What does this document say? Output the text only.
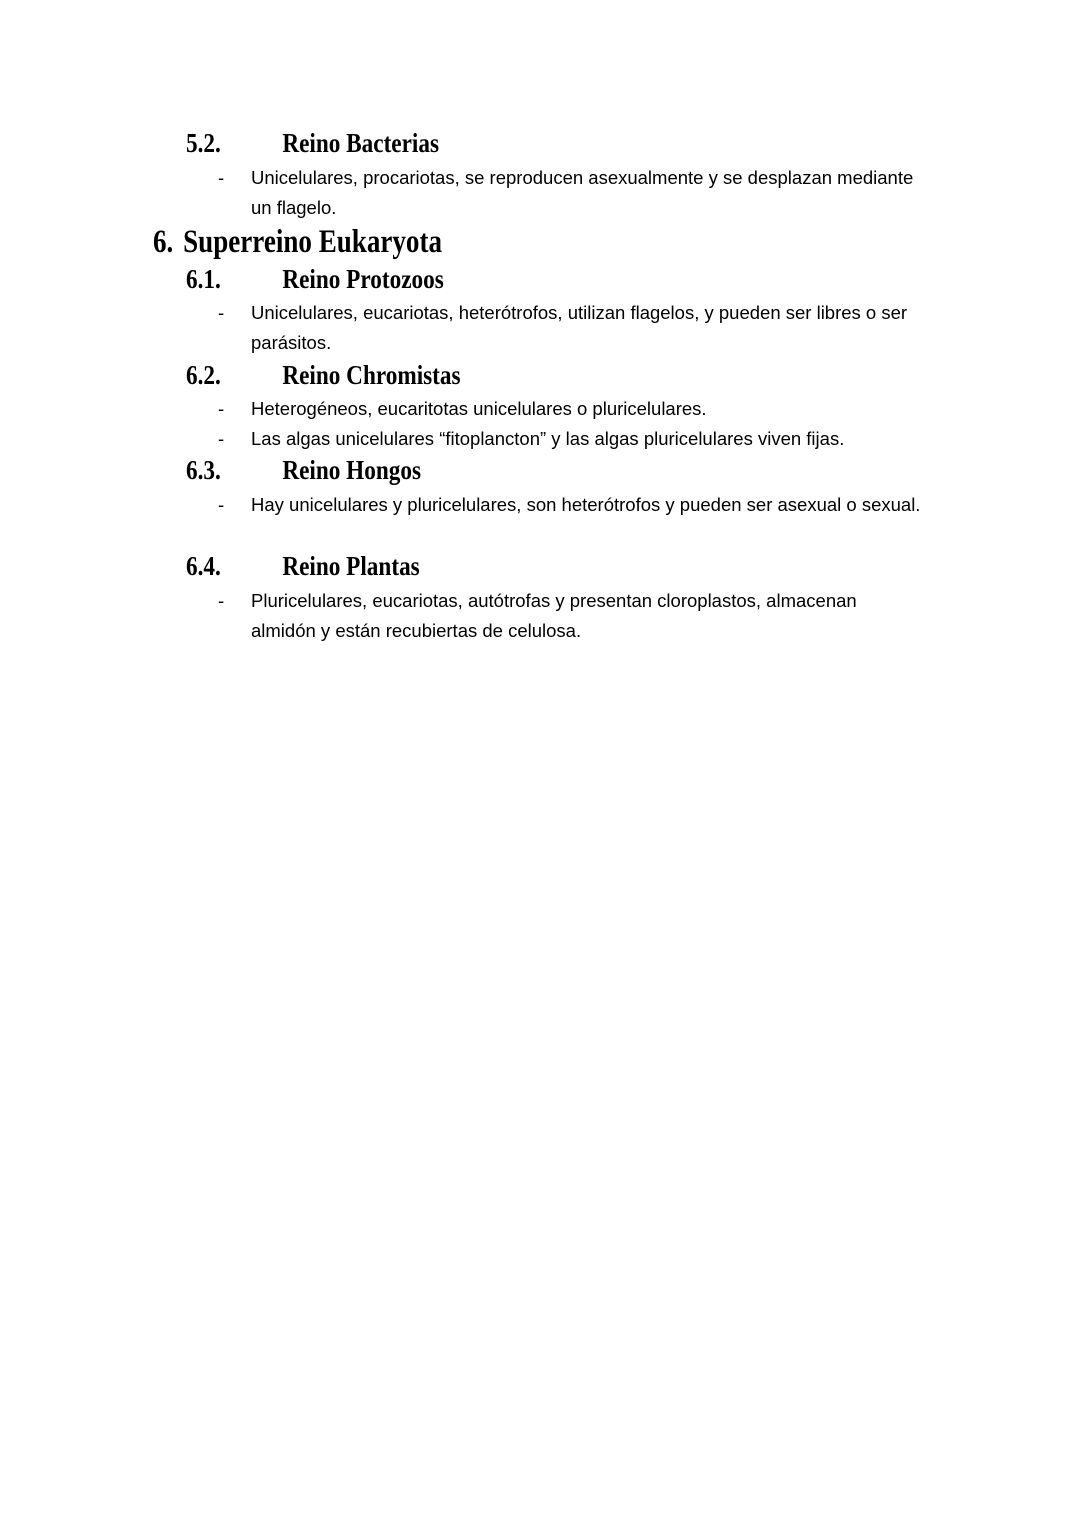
5.2.	Reino Bacterias
- Unicelulares, procariotas, se reproducen asexualmente y se desplazan mediante un flagelo.
6. Superreino Eukaryota
6.1.	Reino Protozoos
- Unicelulares, eucariotas, heterótrofos, utilizan flagelos, y pueden ser libres o ser parásitos.
6.2.	Reino Chromistas
- Heterogéneos, eucaritotas unicelulares o pluricelulares.
- Las algas unicelulares “fitoplancton” y las algas pluricelulares viven fijas.
6.3.	Reino Hongos
- Hay unicelulares y pluricelulares, son heterótrofos y pueden ser asexual o sexual.
6.4.	Reino Plantas
- Pluricelulares, eucariotas, autótrofas y presentan cloroplastos, almacenan almidón y están recubiertas de celulosa.
